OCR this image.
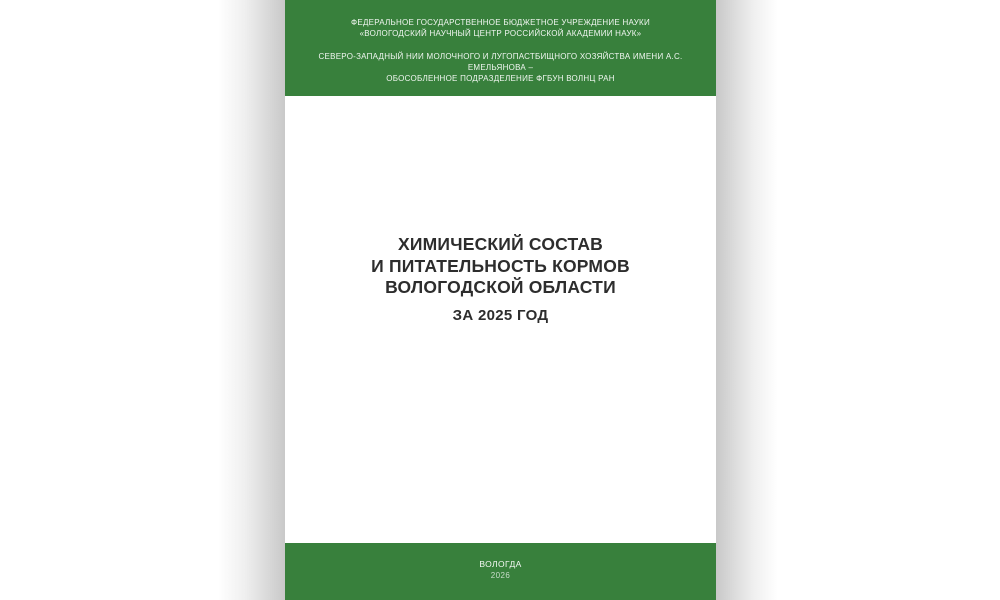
ФЕДЕРАЛЬНОЕ ГОСУДАРСТВЕННОЕ БЮДЖЕТНОЕ УЧРЕЖДЕНИЕ НАУКИ
«ВОЛОГОДСКИЙ НАУЧНЫЙ ЦЕНТР РОССИЙСКОЙ АКАДЕМИИ НАУК»
СЕВЕРО-ЗАПАДНЫЙ НИИ МОЛОЧНОГО И ЛУГОПАСТБИЩНОГО ХОЗЯЙСТВА ИМЕНИ А.С. ЕМЕЛЬЯНОВА –
ОБОСОБЛЕННОЕ ПОДРАЗДЕЛЕНИЕ ФГБУН ВОЛНЦ РАН
ХИМИЧЕСКИЙ СОСТАВ
И ПИТАТЕЛЬНОСТЬ КОРМОВ
ВОЛОГОДСКОЙ ОБЛАСТИ
ЗА 2025 ГОД
ВОЛОГДА
2026
